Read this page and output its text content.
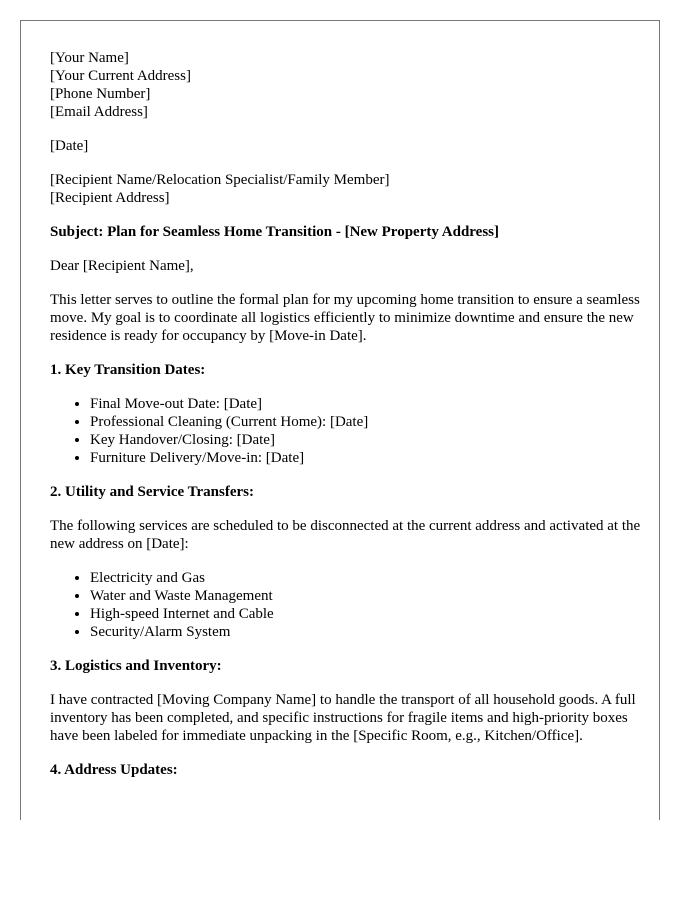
[Your Name]
[Your Current Address]
[Phone Number]
[Email Address]
[Date]
[Recipient Name/Relocation Specialist/Family Member]
[Recipient Address]
Subject: Plan for Seamless Home Transition - [New Property Address]

Dear [Recipient Name],

This letter serves to outline the formal plan for my upcoming home transition to ensure a seamless move. My goal is to coordinate all logistics efficiently to minimize downtime and ensure the new residence is ready for occupancy by [Move-in Date].

1. Key Transition Dates:
• Final Move-out Date: [Date]
• Professional Cleaning (Current Home): [Date]
• Key Handover/Closing: [Date]
• Furniture Delivery/Move-in: [Date]
2. Utility and Service Transfers:

The following services are scheduled to be disconnected at the current address and activated at the new address on [Date]:

• Electricity and Gas
• Water and Waste Management
• High-speed Internet and Cable
• Security/Alarm System
3. Logistics and Inventory:

I have contracted [Moving Company Name] to handle the transport of all household goods. A full inventory has been completed, and specific instructions for fragile items and high-priority boxes have been labeled for immediate unpacking in the [Specific Room, e.g., Kitchen/Office].

4. Address Updates:
